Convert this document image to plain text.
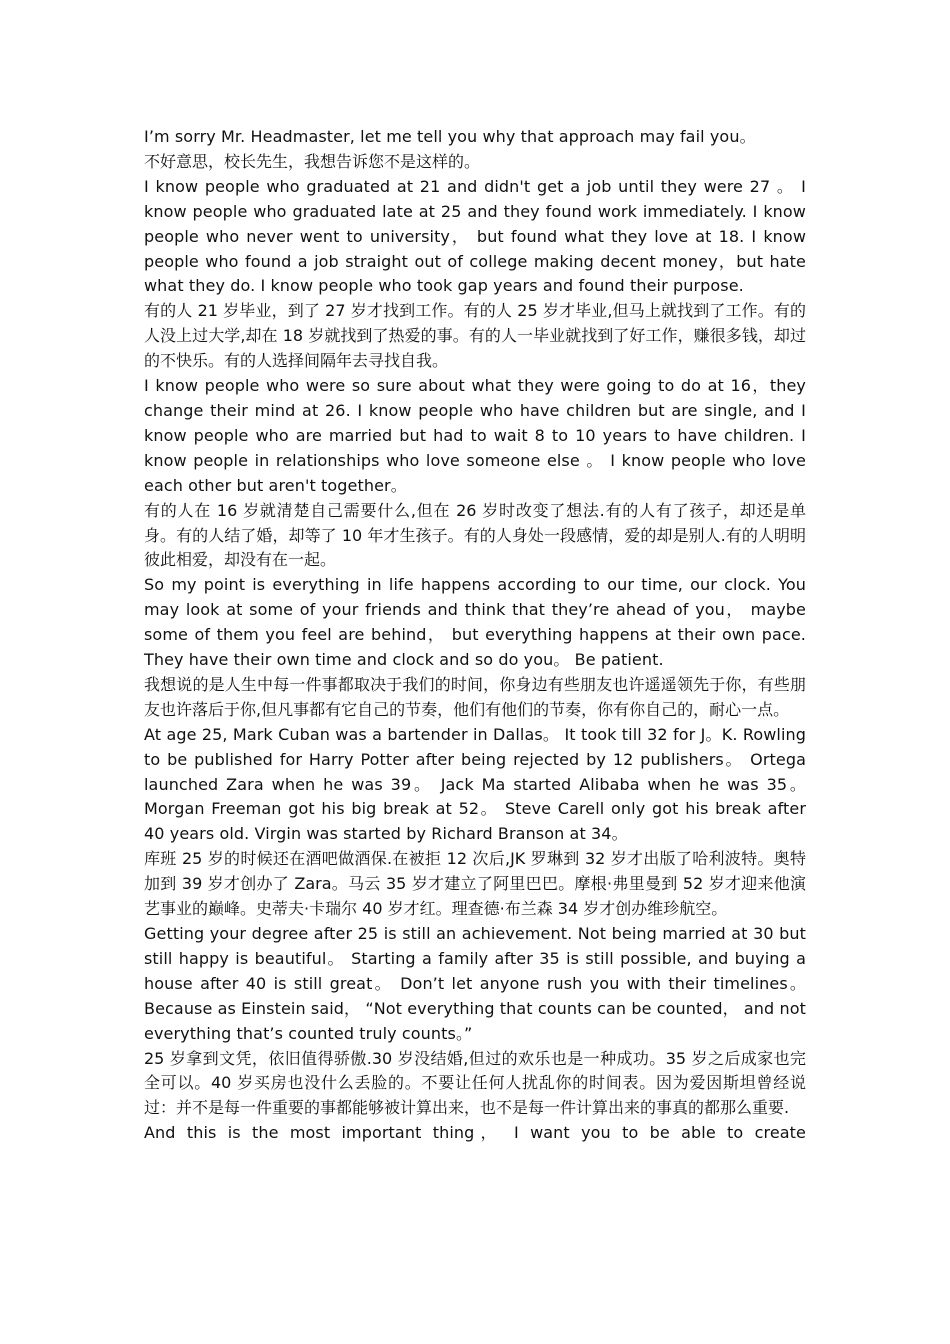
I’m sorry Mr. Headmaster, let me tell you why that approach may fail you。

不好意思，校长先生，我想告诉您不是这样的。

I know people who graduated at 21 and didn't get a job until they were 27 。 I know people who graduated late at 25 and they found work immediately. I know people who never went to university， but found what they love at 18. I know people who found a job straight out of college making decent money，but hate what they do. I know people who took gap years and found their purpose.

有的人 21 岁毕业，到了 27 岁才找到工作。有的人 25 岁才毕业,但马上就找到了工作。有的人没上过大学,却在 18 岁就找到了热爱的事。有的人一毕业就找到了好工作，赚很多钱，却过的不快乐。有的人选择间隔年去寻找自我。

I know people who were so sure about what they were going to do at 16，they change their mind at 26. I know people who have children but are single, and I know people who are married but had to wait 8 to 10 years to have children. I know people in relationships who love someone else 。 I know people who love each other but aren't together。

有的人在 16 岁就清楚自己需要什么,但在 26 岁时改变了想法.有的人有了孩子，却还是单身。有的人结了婚，却等了 10 年才生孩子。有的人身处一段感情，爱的却是别人.有的人明明彼此相爱，却没有在一起。

So my point is everything in life happens according to our time, our clock. You may look at some of your friends and think that they’re ahead of you， maybe some of them you feel are behind， but everything happens at their own pace. They have their own time and clock and so do you。 Be patient.

我想说的是人生中每一件事都取决于我们的时间，你身边有些朋友也许遥遥领先于你，有些朋友也许落后于你,但凡事都有它自己的节奏，他们有他们的节奏，你有你自己的，耐心一点。

At age 25, Mark Cuban was a bartender in Dallas。 It took till 32 for J。K. Rowling to be published for Harry Potter after being rejected by 12 publishers。 Ortega launched Zara when he was 39。 Jack Ma started Alibaba when he was 35。 Morgan Freeman got his big break at 52。 Steve Carell only got his break after 40 years old. Virgin was started by Richard Branson at 34。

库班 25 岁的时候还在酒吧做酒保.在被拒 12 次后,JK 罗琳到 32 岁才出版了哈利波特。奥特加到 39 岁才创办了 Zara。马云 35 岁才建立了阿里巴巴。摩根·弗里曼到 52 岁才迎来他演艺事业的巅峰。史蒂夫·卡瑞尔 40 岁才红。理查德·布兰森 34 岁才创办维珍航空。

Getting your degree after 25 is still an achievement. Not being married at 30 but still happy is beautiful。 Starting a family after 35 is still possible, and buying a house after 40 is still great。 Don’t let anyone rush you with their timelines。 Because as Einstein said， “Not everything that counts can be counted， and not everything that’s counted truly counts。”

25 岁拿到文凭，依旧值得骄傲.30 岁没结婚,但过的欢乐也是一种成功。35 岁之后成家也完全可以。40 岁买房也没什么丢脸的。不要让任何人扰乱你的时间表。因为爱因斯坦曾经说过：并不是每一件重要的事都能够被计算出来，也不是每一件计算出来的事真的都那么重要.

And this is the most important thing， I want you to be able to create
